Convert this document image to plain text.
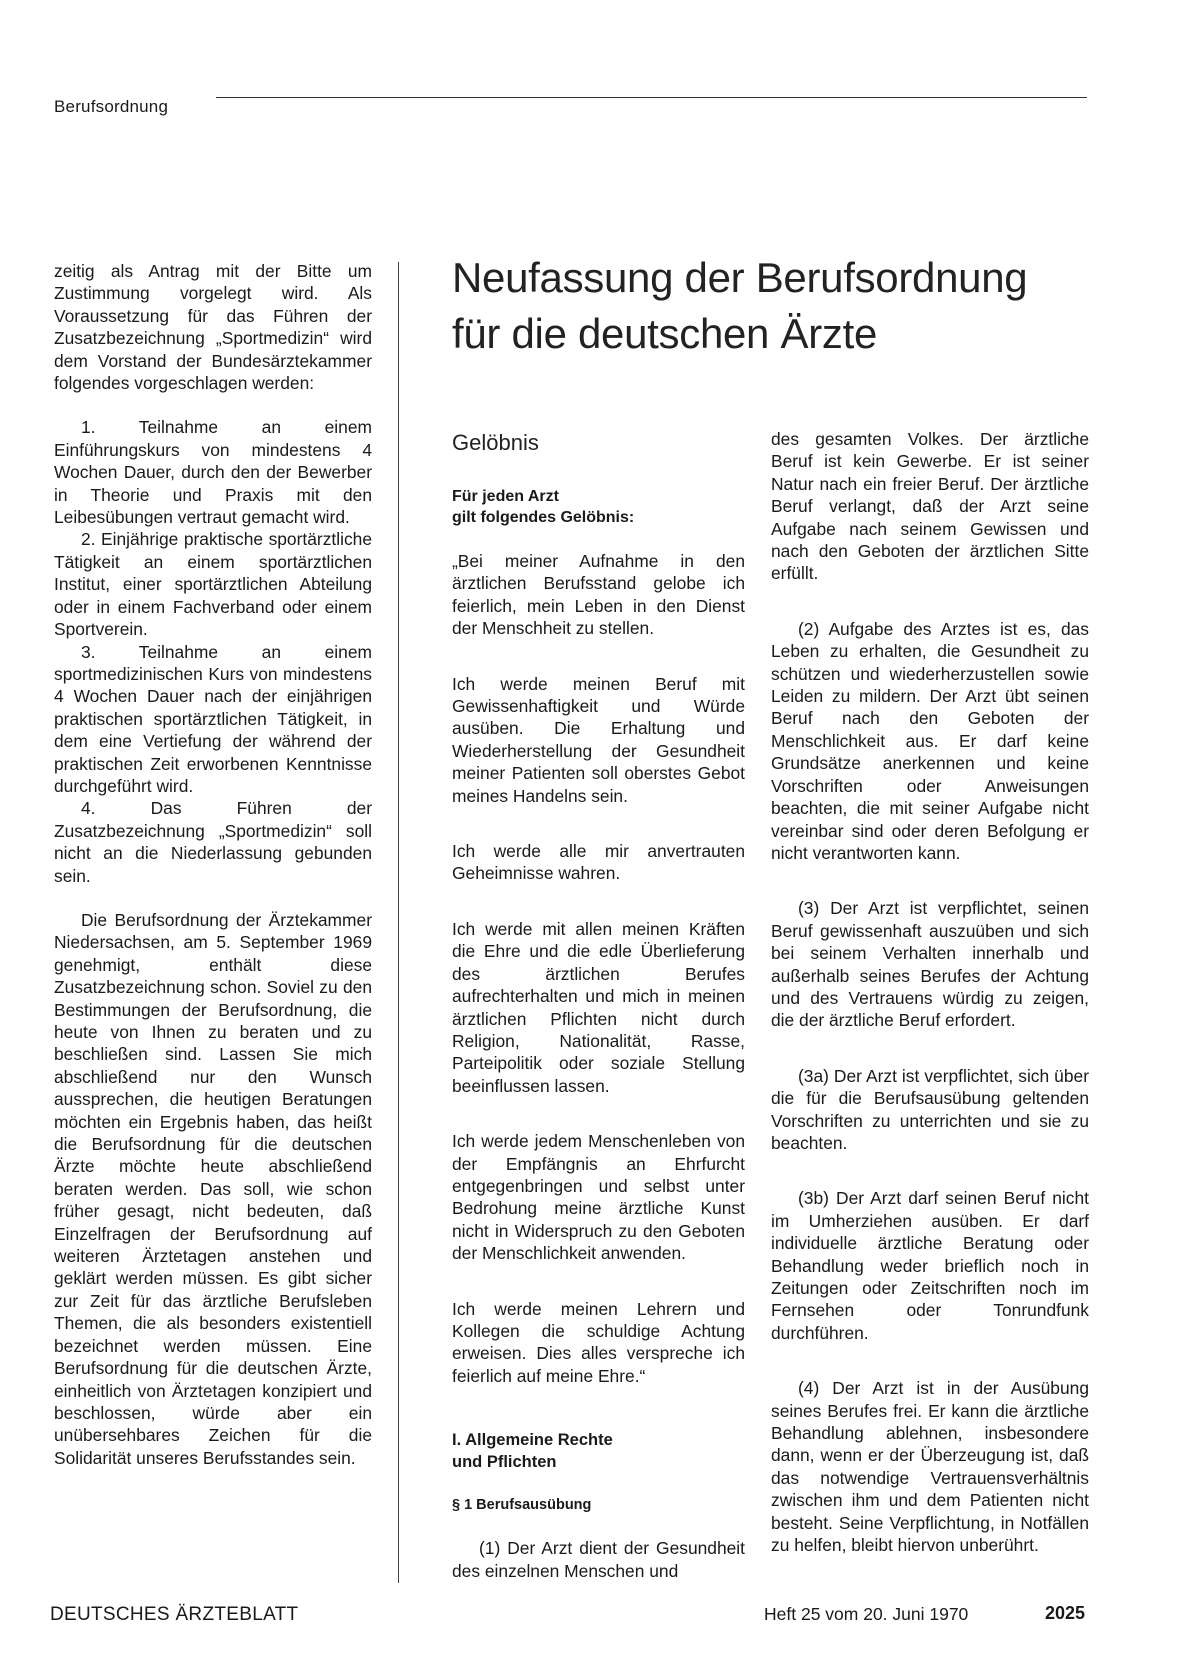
Berufsordnung
Neufassung der Berufsordnung
für die deutschen Ärzte

zeitig als Antrag mit der Bitte um Zustimmung vorgelegt wird. Als Voraussetzung für das Führen der Zusatzbezeichnung „Sportmedizin“ wird dem Vorstand der Bundesärztekammer folgendes vorgeschlagen werden:

1. Teilnahme an einem Einführungskurs von mindestens 4 Wochen Dauer, durch den der Bewerber in Theorie und Praxis mit den Leibesübungen vertraut gemacht wird.

2. Einjährige praktische sportärztliche Tätigkeit an einem sportärztlichen Institut, einer sportärztlichen Abteilung oder in einem Fachverband oder einem Sportverein.

3. Teilnahme an einem sportmedizinischen Kurs von mindestens 4 Wochen Dauer nach der einjährigen praktischen sportärztlichen Tätigkeit, in dem eine Vertiefung der während der praktischen Zeit erworbenen Kenntnisse durchgeführt wird.

4. Das Führen der Zusatzbezeichnung „Sportmedizin“ soll nicht an die Niederlassung gebunden sein.

Die Berufsordnung der Ärztekammer Niedersachsen, am 5. September 1969 genehmigt, enthält diese Zusatzbezeichnung schon. Soviel zu den Bestimmungen der Berufsordnung, die heute von Ihnen zu beraten und zu beschließen sind. Lassen Sie mich abschließend nur den Wunsch aussprechen, die heutigen Beratungen möchten ein Ergebnis haben, das heißt die Berufsordnung für die deutschen Ärzte möchte heute abschließend beraten werden. Das soll, wie schon früher gesagt, nicht bedeuten, daß Einzelfragen der Berufsordnung auf weiteren Ärztetagen anstehen und geklärt werden müssen. Es gibt sicher zur Zeit für das ärztliche Berufsleben Themen, die als besonders existentiell bezeichnet werden müssen. Eine Berufsordnung für die deutschen Ärzte, einheitlich von Ärztetagen konzipiert und beschlossen, würde aber ein unübersehbares Zeichen für die Solidarität unseres Berufsstandes sein.

Gelöbnis
Für jeden Arzt
gilt folgendes Gelöbnis:

„Bei meiner Aufnahme in den ärztlichen Berufsstand gelobe ich feierlich, mein Leben in den Dienst der Menschheit zu stellen.

Ich werde meinen Beruf mit Gewissenhaftigkeit und Würde ausüben. Die Erhaltung und Wiederherstellung der Gesundheit meiner Patienten soll oberstes Gebot meines Handelns sein.

Ich werde alle mir anvertrauten Geheimnisse wahren.

Ich werde mit allen meinen Kräften die Ehre und die edle Überlieferung des ärztlichen Berufes aufrechterhalten und mich in meinen ärztlichen Pflichten nicht durch Religion, Nationalität, Rasse, Parteipolitik oder soziale Stellung beeinflussen lassen.

Ich werde jedem Menschenleben von der Empfängnis an Ehrfurcht entgegenbringen und selbst unter Bedrohung meine ärztliche Kunst nicht in Widerspruch zu den Geboten der Menschlichkeit anwenden.

Ich werde meinen Lehrern und Kollegen die schuldige Achtung erweisen. Dies alles verspreche ich feierlich auf meine Ehre.“

I. Allgemeine Rechte
und Pflichten
§ 1 Berufsausübung

(1) Der Arzt dient der Gesundheit des einzelnen Menschen und

des gesamten Volkes. Der ärztliche Beruf ist kein Gewerbe. Er ist seiner Natur nach ein freier Beruf. Der ärztliche Beruf verlangt, daß der Arzt seine Aufgabe nach seinem Gewissen und nach den Geboten der ärztlichen Sitte erfüllt.

(2) Aufgabe des Arztes ist es, das Leben zu erhalten, die Gesundheit zu schützen und wiederherzustellen sowie Leiden zu mildern. Der Arzt übt seinen Beruf nach den Geboten der Menschlichkeit aus. Er darf keine Grundsätze anerkennen und keine Vorschriften oder Anweisungen beachten, die mit seiner Aufgabe nicht vereinbar sind oder deren Befolgung er nicht verantworten kann.

(3) Der Arzt ist verpflichtet, seinen Beruf gewissenhaft auszuüben und sich bei seinem Verhalten innerhalb und außerhalb seines Berufes der Achtung und des Vertrauens würdig zu zeigen, die der ärztliche Beruf erfordert.

(3a) Der Arzt ist verpflichtet, sich über die für die Berufsausübung geltenden Vorschriften zu unterrichten und sie zu beachten.

(3b) Der Arzt darf seinen Beruf nicht im Umherziehen ausüben. Er darf individuelle ärztliche Beratung oder Behandlung weder brieflich noch in Zeitungen oder Zeitschriften noch im Fernsehen oder Tonrundfunk durchführen.

(4) Der Arzt ist in der Ausübung seines Berufes frei. Er kann die ärztliche Behandlung ablehnen, insbesondere dann, wenn er der Überzeugung ist, daß das notwendige Vertrauensverhältnis zwischen ihm und dem Patienten nicht besteht. Seine Verpflichtung, in Notfällen zu helfen, bleibt hiervon unberührt.

DEUTSCHES ÄRZTEBLATT	Heft 25 vom 20. Juni 1970	2025
